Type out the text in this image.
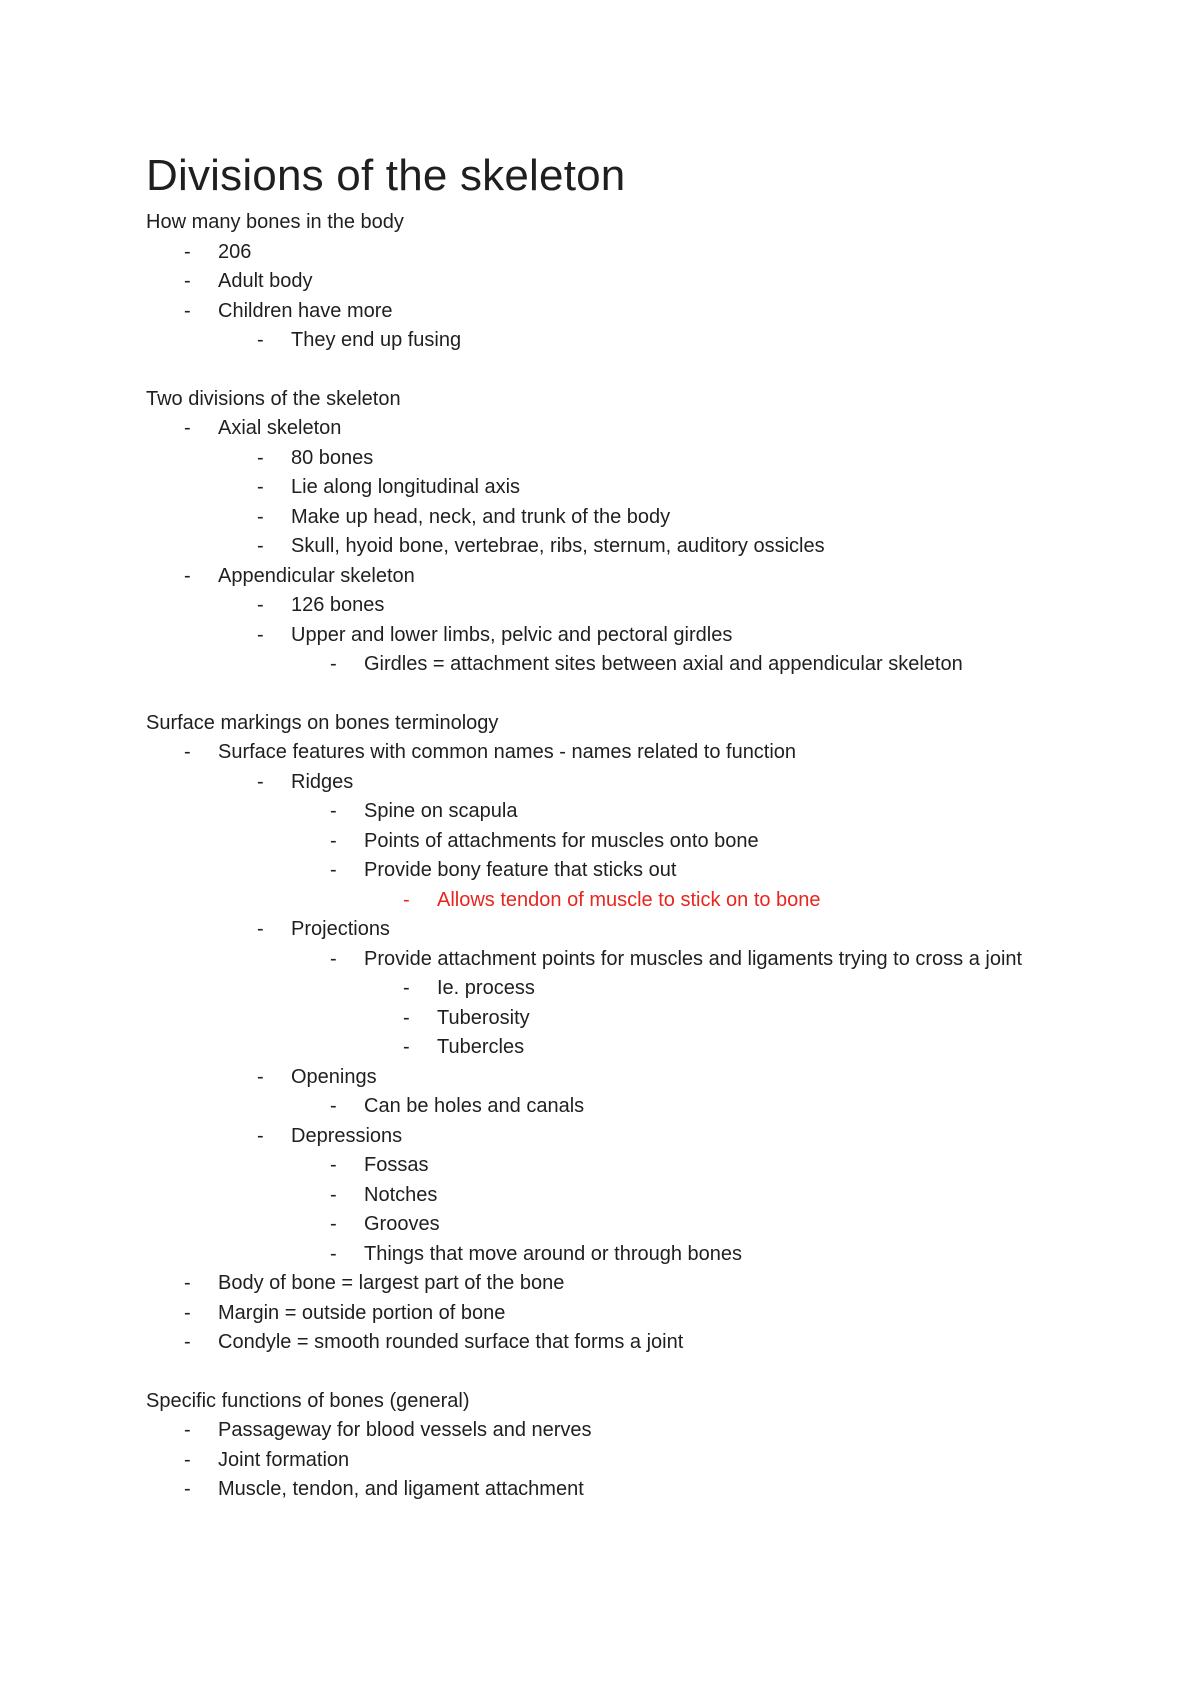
Divisions of the skeleton

How many bones in the body

- 206
- Adult body
- Children have more
- They end up fusing

Two divisions of the skeleton

- Axial skeleton
- 80 bones
- Lie along longitudinal axis
- Make up head, neck, and trunk of the body
- Skull, hyoid bone, vertebrae, ribs, sternum, auditory ossicles
- Appendicular skeleton
- 126 bones
- Upper and lower limbs, pelvic and pectoral girdles
- Girdles = attachment sites between axial and appendicular skeleton

Surface markings on bones terminology

- Surface features with common names - names related to function
- Ridges
- Spine on scapula
- Points of attachments for muscles onto bone
- Provide bony feature that sticks out
- Allows tendon of muscle to stick on to bone
- Projections
- Provide attachment points for muscles and ligaments trying to cross a joint
- Ie. process
- Tuberosity
- Tubercles
- Openings
- Can be holes and canals
- Depressions
- Fossas
- Notches
- Grooves
- Things that move around or through bones
- Body of bone = largest part of the bone
- Margin = outside portion of bone
- Condyle = smooth rounded surface that forms a joint

Specific functions of bones (general)

- Passageway for blood vessels and nerves
- Joint formation
- Muscle, tendon, and ligament attachment
